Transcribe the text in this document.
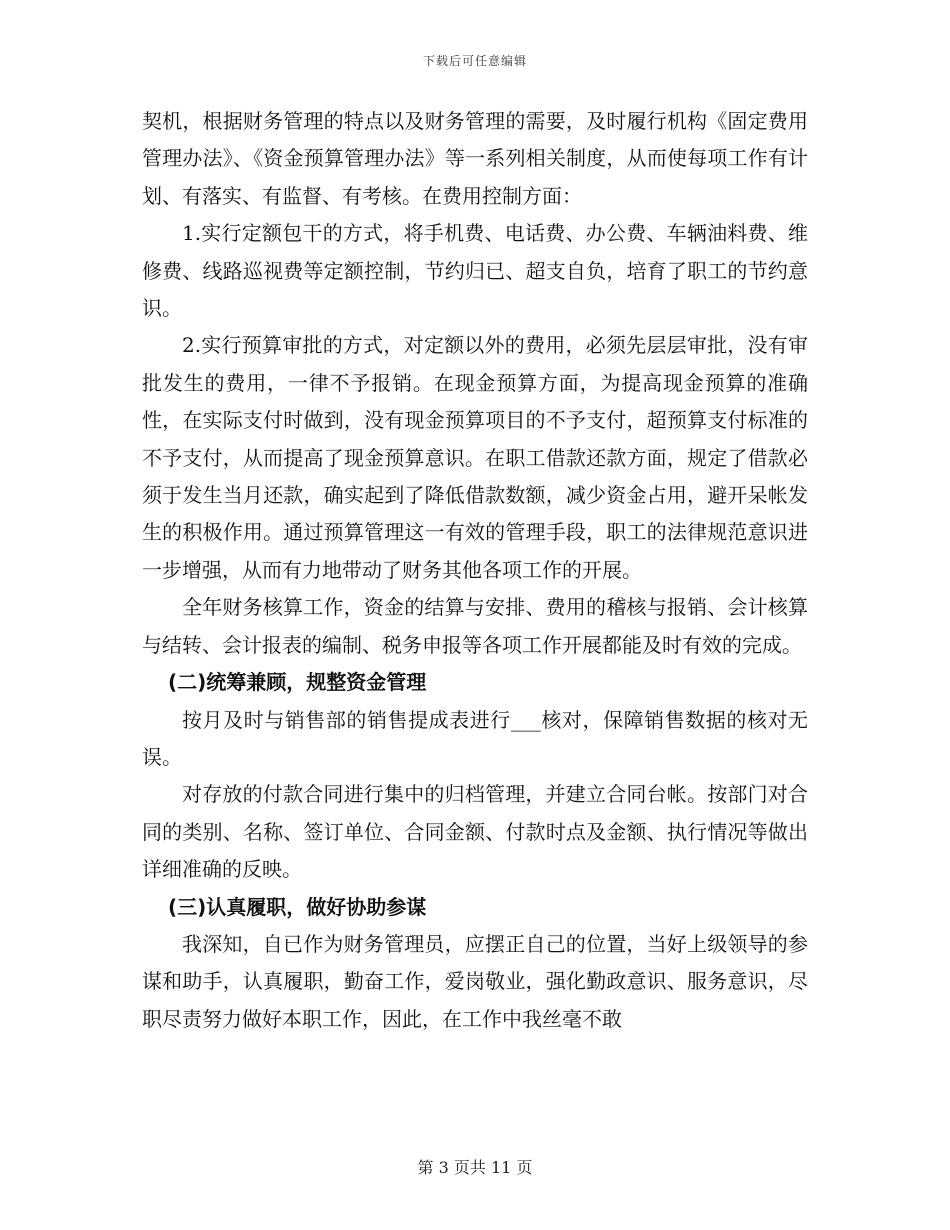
下载后可任意编辑

契机，根据财务管理的特点以及财务管理的需要，及时履行机构《固定费用管理办法》、《资金预算管理办法》等一系列相关制度，从而使每项工作有计划、有落实、有监督、有考核。在费用控制方面：

1.实行定额包干的方式，将手机费、电话费、办公费、车辆油料费、维修费、线路巡视费等定额控制，节约归已、超支自负，培育了职工的节约意识。

2.实行预算审批的方式，对定额以外的费用，必须先层层审批，没有审批发生的费用，一律不予报销。在现金预算方面，为提高现金预算的准确性，在实际支付时做到，没有现金预算项目的不予支付，超预算支付标准的不予支付，从而提高了现金预算意识。在职工借款还款方面，规定了借款必须于发生当月还款，确实起到了降低借款数额，减少资金占用，避开呆帐发生的积极作用。通过预算管理这一有效的管理手段，职工的法律规范意识进一步增强，从而有力地带动了财务其他各项工作的开展。

全年财务核算工作，资金的结算与安排、费用的稽核与报销、会计核算与结转、会计报表的编制、税务申报等各项工作开展都能及时有效的完成。

(二)统筹兼顾，规整资金管理

按月及时与销售部的销售提成表进行___核对，保障销售数据的核对无误。

对存放的付款合同进行集中的归档管理，并建立合同台帐。按部门对合同的类别、名称、签订单位、合同金额、付款时点及金额、执行情况等做出详细准确的反映。

(三)认真履职，做好协助参谋

我深知，自已作为财务管理员，应摆正自己的位置，当好上级领导的参谋和助手，认真履职，勤奋工作，爱岗敬业，强化勤政意识、服务意识，尽职尽责努力做好本职工作，因此，在工作中我丝毫不敢

第 3 页共 11 页
